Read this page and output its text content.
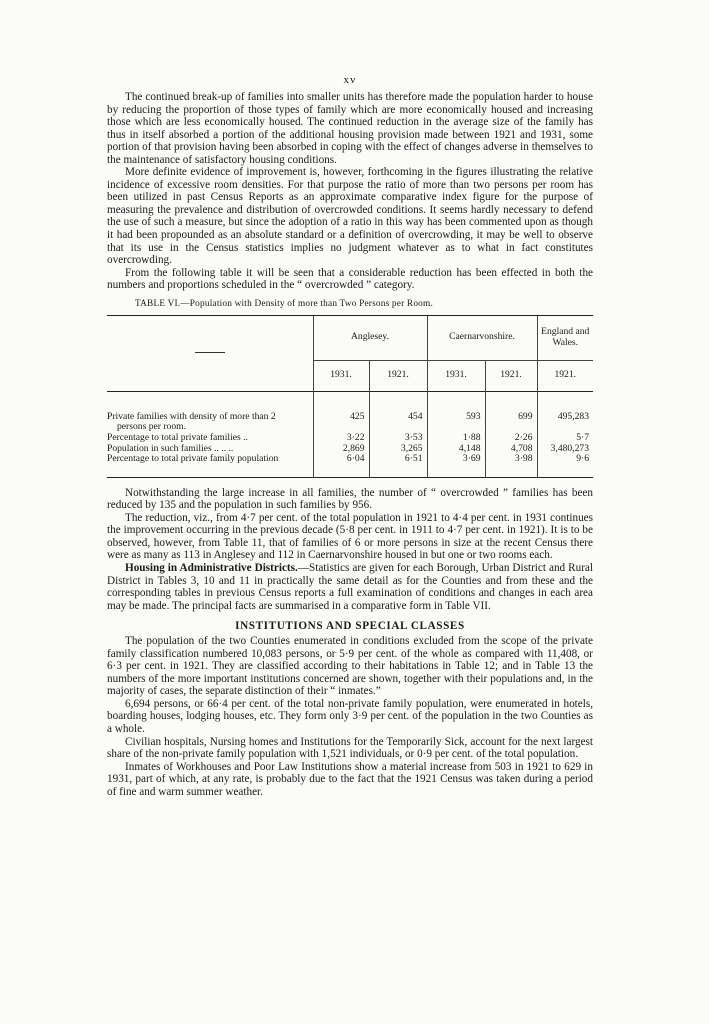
xv

The continued break-up of families into smaller units has therefore made the population harder to house by reducing the proportion of those types of family which are more economically housed and increasing those which are less economically housed. The continued reduction in the average size of the family has thus in itself absorbed a portion of the additional housing provision made between 1921 and 1931, some portion of that provision having been absorbed in coping with the effect of changes adverse in themselves to the maintenance of satisfactory housing conditions.

More definite evidence of improvement is, however, forthcoming in the figures illustrating the relative incidence of excessive room densities. For that purpose the ratio of more than two persons per room has been utilized in past Census Reports as an approximate comparative index figure for the purpose of measuring the prevalence and distribution of overcrowded conditions. It seems hardly necessary to defend the use of such a measure, but since the adoption of a ratio in this way has been commented upon as though it had been propounded as an absolute standard or a definition of overcrowding, it may be well to observe that its use in the Census statistics implies no judgment whatever as to what in fact constitutes overcrowding.

From the following table it will be seen that a considerable reduction has been effected in both the numbers and proportions scheduled in the “ overcrowded ” category.

TABLE VI.—Population with Density of more than Two Persons per Room.
	Anglesey.		Caernarvonshire.		England and Wales.
	1931.	1921.	1931.	1921.	1921.

Private families with density of more than 2	425	454	593	699	495,283
persons per room.					
Percentage to total private families ..	3·22	3·53	1·88	2·26	5·7
Population in such families .. .. ..	2,869	3,265	4,148	4,708	3,480,273
Percentage to total private family population	6·04	6·51	3·69	3·98	9·6

Notwithstanding the large increase in all families, the number of “ overcrowded ” families has been reduced by 135 and the population in such families by 956.

The reduction, viz., from 4·7 per cent. of the total population in 1921 to 4·4 per cent. in 1931 continues the improvement occurring in the previous decade (5·8 per cent. in 1911 to 4·7 per cent. in 1921). It is to be observed, however, from Table 11, that of families of 6 or more persons in size at the recent Census there were as many as 113 in Anglesey and 112 in Caernarvonshire housed in but one or two rooms each.

Housing in Administrative Districts.—Statistics are given for each Borough, Urban District and Rural District in Tables 3, 10 and 11 in practically the same detail as for the Counties and from these and the corresponding tables in previous Census reports a full examination of conditions and changes in each area may be made. The principal facts are summarised in a comparative form in Table VII.

INSTITUTIONS AND SPECIAL CLASSES

The population of the two Counties enumerated in conditions excluded from the scope of the private family classification numbered 10,083 persons, or 5·9 per cent. of the whole as compared with 11,408, or 6·3 per cent. in 1921. They are classified according to their habitations in Table 12; and in Table 13 the numbers of the more important institutions concerned are shown, together with their populations and, in the majority of cases, the separate distinction of their “ inmates.”

6,694 persons, or 66·4 per cent. of the total non-private family population, were enumerated in hotels, boarding houses, lodging houses, etc. They form only 3·9 per cent. of the population in the two Counties as a whole.

Civilian hospitals, Nursing homes and Institutions for the Temporarily Sick, account for the next largest share of the non-private family population with 1,521 individuals, or 0·9 per cent. of the total population.

Inmates of Workhouses and Poor Law Institutions show a material increase from 503 in 1921 to 629 in 1931, part of which, at any rate, is probably due to the fact that the 1921 Census was taken during a period of fine and warm summer weather.
